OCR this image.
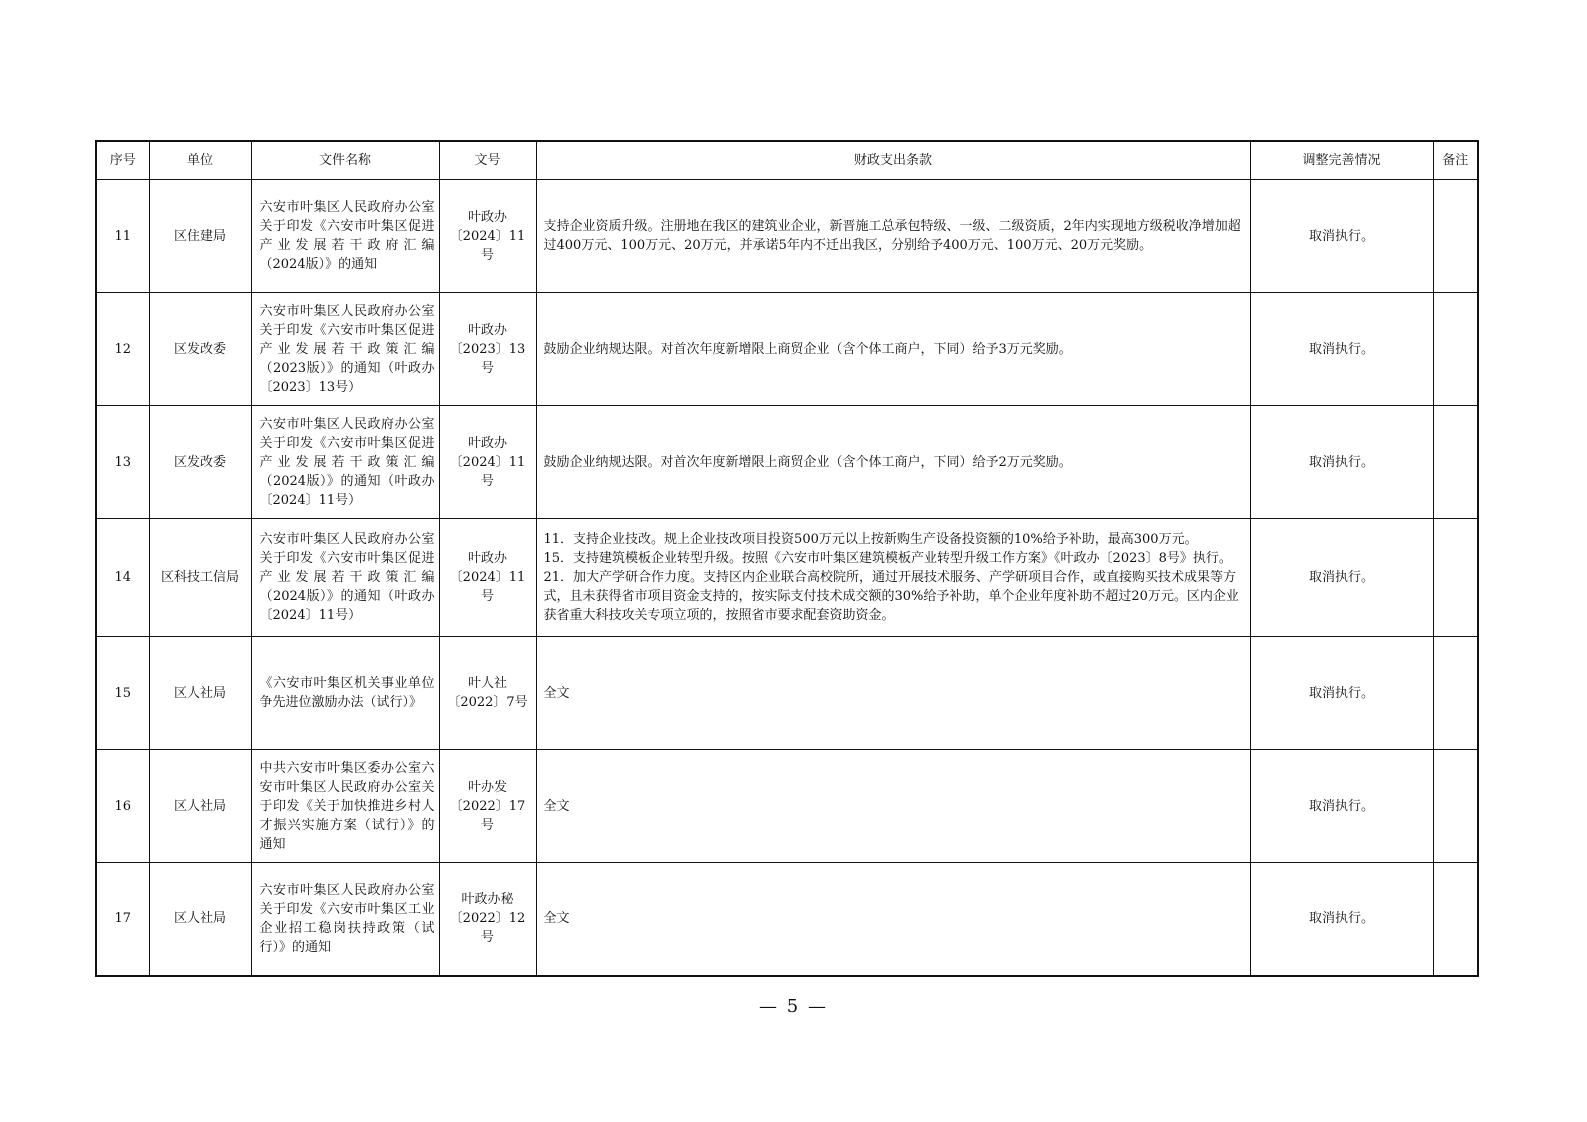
序号	单位	文件名称	文号	财政支出条款	调整完善情况	备注
11	区住建局	六安市叶集区人民政府办公室关于印发《六安市叶集区促进产业发展若干政府汇编（2024版）》的通知	叶政办〔2024〕11号	支持企业资质升级。注册地在我区的建筑业企业，新晋施工总承包特级、一级、二级资质，2年内实现地方级税收净增加超过400万元、100万元、20万元，并承诺5年内不迁出我区，分别给予400万元、100万元、20万元奖励。	取消执行。	
12	区发改委	六安市叶集区人民政府办公室关于印发《六安市叶集区促进产业发展若干政策汇编（2023版）》的通知（叶政办〔2023〕13号）	叶政办〔2023〕13号	鼓励企业纳规达限。对首次年度新增限上商贸企业（含个体工商户，下同）给予3万元奖励。	取消执行。	
13	区发改委	六安市叶集区人民政府办公室关于印发《六安市叶集区促进产业发展若干政策汇编（2024版）》的通知（叶政办〔2024〕11号）	叶政办〔2024〕11号	鼓励企业纳规达限。对首次年度新增限上商贸企业（含个体工商户，下同）给予2万元奖励。	取消执行。	
14	区科技工信局	六安市叶集区人民政府办公室关于印发《六安市叶集区促进产业发展若干政策汇编（2024版）》的通知（叶政办〔2024〕11号）	叶政办〔2024〕11号	11．支持企业技改。规上企业技改项目投资500万元以上按新购生产设备投资额的10%给予补助，最高300万元。
15．支持建筑模板企业转型升级。按照《六安市叶集区建筑模板产业转型升级工作方案》《叶政办〔2023〕8号》执行。
21．加大产学研合作力度。支持区内企业联合高校院所，通过开展技术服务、产学研项目合作，或直接购买技术成果等方式，且未获得省市项目资金支持的，按实际支付技术成交额的30%给予补助，单个企业年度补助不超过20万元。区内企业获省重大科技攻关专项立项的，按照省市要求配套资助资金。	取消执行。	
15	区人社局	《六安市叶集区机关事业单位争先进位激励办法（试行）》	叶人社〔2022〕7号	全文	取消执行。	
16	区人社局	中共六安市叶集区委办公室六安市叶集区人民政府办公室关于印发《关于加快推进乡村人才振兴实施方案（试行）》的通知	叶办发〔2022〕17号	全文	取消执行。	
17	区人社局	六安市叶集区人民政府办公室关于印发《六安市叶集区工业企业招工稳岗扶持政策（试行）》的通知	叶政办秘〔2022〕12号	全文	取消执行。	
— 5 —
